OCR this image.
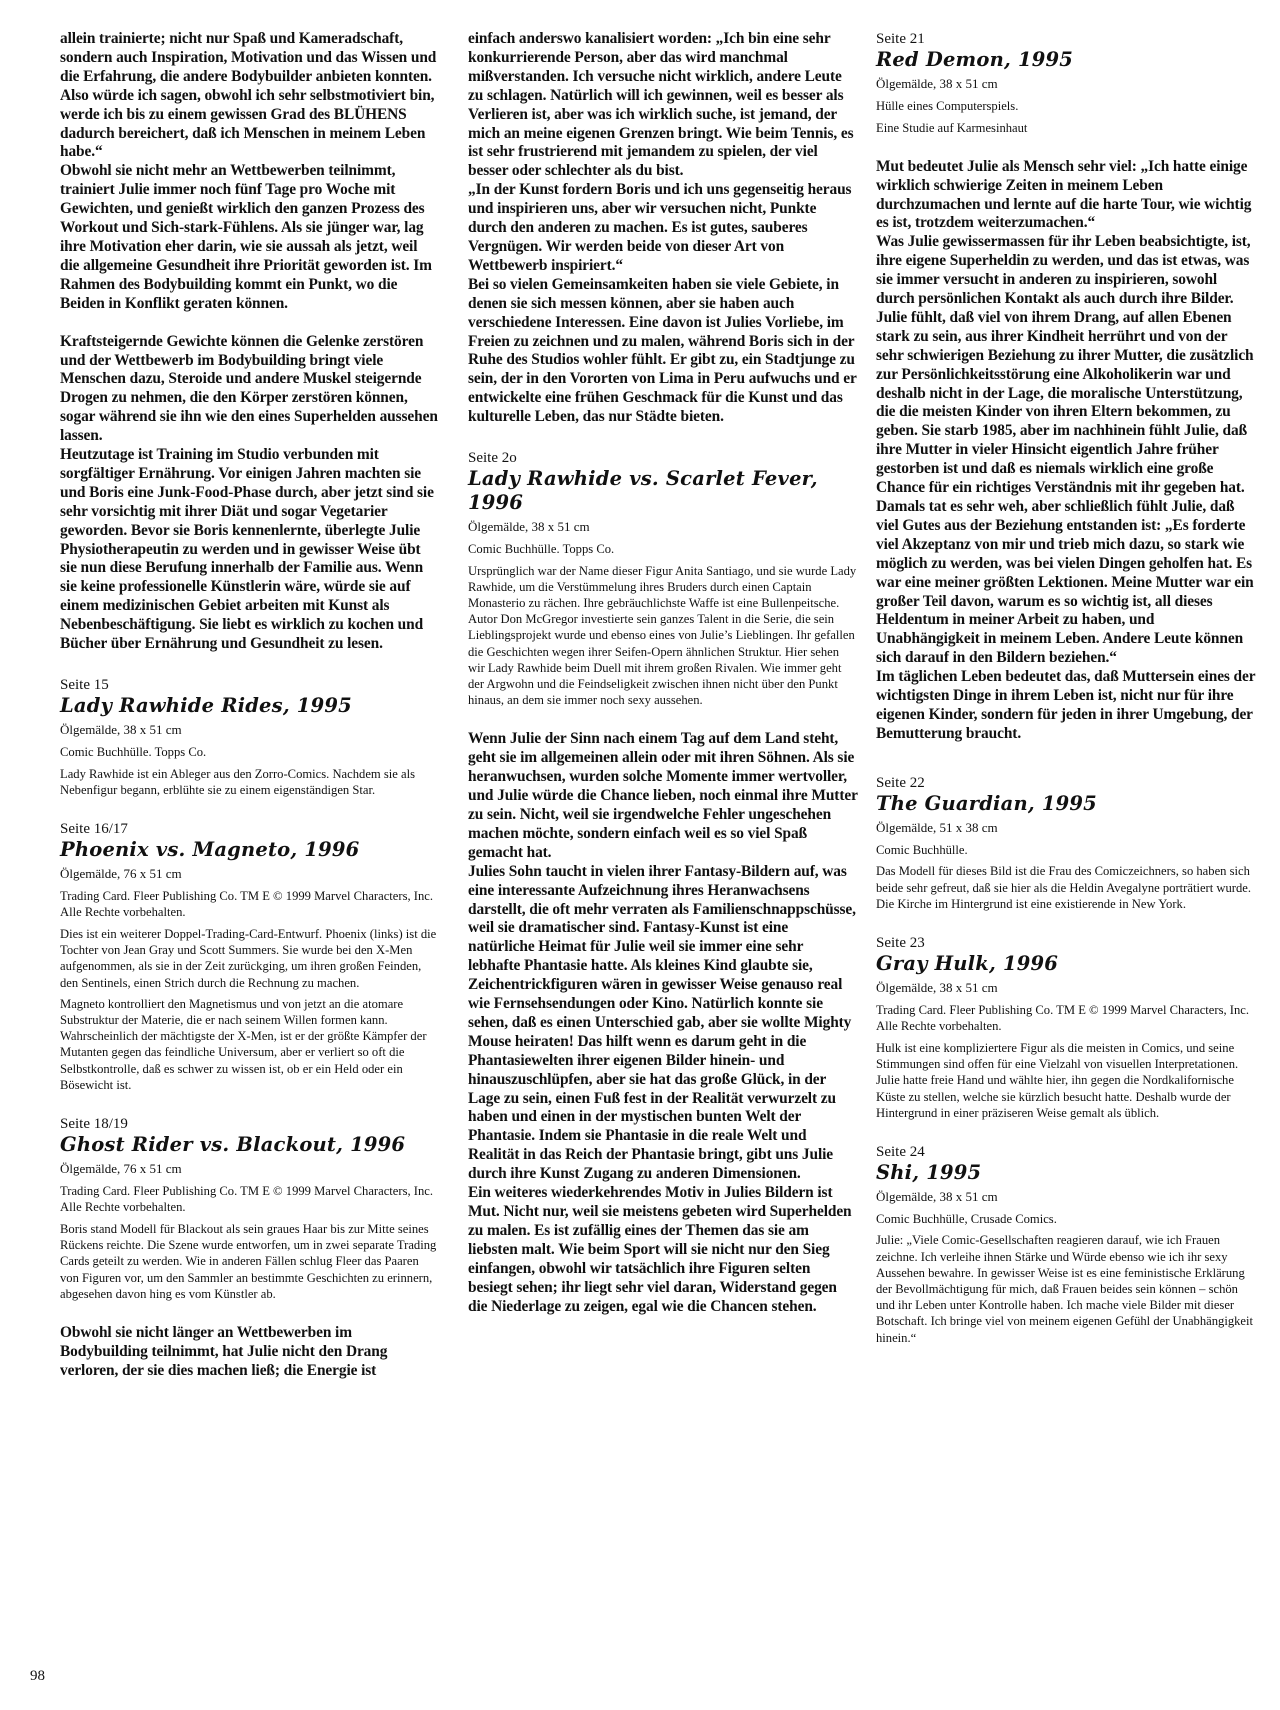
allein trainierte; nicht nur Spaß und Kameradschaft, sondern auch Inspiration, Motivation und das Wissen und die Erfahrung, die andere Bodybuilder anbieten konnten. Also würde ich sagen, obwohl ich sehr selbstmotiviert bin, werde ich bis zu einem gewissen Grad des BLÜHENS dadurch bereichert, daß ich Menschen in meinem Leben habe.“

Obwohl sie nicht mehr an Wettbewerben teilnimmt, trainiert Julie immer noch fünf Tage pro Woche mit Gewichten, und genießt wirklich den ganzen Prozess des Workout und Sich-stark-Fühlens. Als sie jünger war, lag ihre Motivation eher darin, wie sie aussah als jetzt, weil die allgemeine Gesundheit ihre Priorität geworden ist. Im Rahmen des Bodybuilding kommt ein Punkt, wo die Beiden in Konflikt geraten können.

Kraftsteigernde Gewichte können die Gelenke zerstören und der Wettbewerb im Bodybuilding bringt viele Menschen dazu, Steroide und andere Muskel steigernde Drogen zu nehmen, die den Körper zerstören können, sogar während sie ihn wie den eines Superhelden aussehen lassen.

Heutzutage ist Training im Studio verbunden mit sorgfältiger Ernährung. Vor einigen Jahren machten sie und Boris eine Junk-Food-Phase durch, aber jetzt sind sie sehr vorsichtig mit ihrer Diät und sogar Vegetarier geworden. Bevor sie Boris kennenlernte, überlegte Julie Physiotherapeutin zu werden und in gewisser Weise übt sie nun diese Berufung innerhalb der Familie aus. Wenn sie keine professionelle Künstlerin wäre, würde sie auf einem medizinischen Gebiet arbeiten mit Kunst als Nebenbeschäftigung. Sie liebt es wirklich zu kochen und Bücher über Ernährung und Gesundheit zu lesen.

Seite 15
Lady Rawhide Rides, 1995
Ölgemälde, 38 x 51 cm
Comic Buchhülle. Topps Co.
Lady Rawhide ist ein Ableger aus den Zorro-Comics. Nachdem sie als Nebenfigur begann, erblühte sie zu einem eigenständigen Star.
Seite 16/17
Phoenix vs. Magneto, 1996
Ölgemälde, 76 x 51 cm
Trading Card. Fleer Publishing Co. TM E © 1999 Marvel Characters, Inc. Alle Rechte vorbehalten.
Dies ist ein weiterer Doppel-Trading-Card-Entwurf. Phoenix (links) ist die Tochter von Jean Gray und Scott Summers. Sie wurde bei den X-Men aufgenommen, als sie in der Zeit zurückging, um ihren großen Feinden, den Sentinels, einen Strich durch die Rechnung zu machen.
Magneto kontrolliert den Magnetismus und von jetzt an die atomare Substruktur der Materie, die er nach seinem Willen formen kann. Wahrscheinlich der mächtigste der X-Men, ist er der größte Kämpfer der Mutanten gegen das feindliche Universum, aber er verliert so oft die Selbstkontrolle, daß es schwer zu wissen ist, ob er ein Held oder ein Bösewicht ist.
Seite 18/19
Ghost Rider vs. Blackout, 1996
Ölgemälde, 76 x 51 cm
Trading Card. Fleer Publishing Co. TM E © 1999 Marvel Characters, Inc. Alle Rechte vorbehalten.
Boris stand Modell für Blackout als sein graues Haar bis zur Mitte seines Rückens reichte. Die Szene wurde entworfen, um in zwei separate Trading Cards geteilt zu werden. Wie in anderen Fällen schlug Fleer das Paaren von Figuren vor, um den Sammler an bestimmte Geschichten zu erinnern, abgesehen davon hing es vom Künstler ab.

Obwohl sie nicht länger an Wettbewerben im Bodybuilding teilnimmt, hat Julie nicht den Drang verloren, der sie dies machen ließ; die Energie ist

einfach anderswo kanalisiert worden: „Ich bin eine sehr konkurrierende Person, aber das wird manchmal mißverstanden. Ich versuche nicht wirklich, andere Leute zu schlagen. Natürlich will ich gewinnen, weil es besser als Verlieren ist, aber was ich wirklich suche, ist jemand, der mich an meine eigenen Grenzen bringt. Wie beim Tennis, es ist sehr frustrierend mit jemandem zu spielen, der viel besser oder schlechter als du bist.

„In der Kunst fordern Boris und ich uns gegenseitig heraus und inspirieren uns, aber wir versuchen nicht, Punkte durch den anderen zu machen. Es ist gutes, sauberes Vergnügen. Wir werden beide von dieser Art von Wettbewerb inspiriert.“

Bei so vielen Gemeinsamkeiten haben sie viele Gebiete, in denen sie sich messen können, aber sie haben auch verschiedene Interessen. Eine davon ist Julies Vorliebe, im Freien zu zeichnen und zu malen, während Boris sich in der Ruhe des Studios wohler fühlt. Er gibt zu, ein Stadtjunge zu sein, der in den Vororten von Lima in Peru aufwuchs und er entwickelte eine frühen Geschmack für die Kunst und das kulturelle Leben, das nur Städte bieten.

Seite 2o
Lady Rawhide vs. Scarlet Fever, 1996
Ölgemälde, 38 x 51 cm
Comic Buchhülle. Topps Co.
Ursprünglich war der Name dieser Figur Anita Santiago, und sie wurde Lady Rawhide, um die Verstümmelung ihres Bruders durch einen Captain Monasterio zu rächen. Ihre gebräuchlichste Waffe ist eine Bullenpeitsche. Autor Don McGregor investierte sein ganzes Talent in die Serie, die sein Lieblingsprojekt wurde und ebenso eines von Julie’s Lieblingen. Ihr gefallen die Geschichten wegen ihrer Seifen-Opern ähnlichen Struktur. Hier sehen wir Lady Rawhide beim Duell mit ihrem großen Rivalen. Wie immer geht der Argwohn und die Feindseligkeit zwischen ihnen nicht über den Punkt hinaus, an dem sie immer noch sexy aussehen.

Wenn Julie der Sinn nach einem Tag auf dem Land steht, geht sie im allgemeinen allein oder mit ihren Söhnen. Als sie heranwuchsen, wurden solche Momente immer wertvoller, und Julie würde die Chance lieben, noch einmal ihre Mutter zu sein. Nicht, weil sie irgendwelche Fehler ungeschehen machen möchte, sondern einfach weil es so viel Spaß gemacht hat.

Julies Sohn taucht in vielen ihrer Fantasy-Bildern auf, was eine interessante Aufzeichnung ihres Heranwachsens darstellt, die oft mehr verraten als Familienschnappschüsse, weil sie dramatischer sind. Fantasy-Kunst ist eine natürliche Heimat für Julie weil sie immer eine sehr lebhafte Phantasie hatte. Als kleines Kind glaubte sie, Zeichentrickfiguren wären in gewisser Weise genauso real wie Fernsehsendungen oder Kino. Natürlich konnte sie sehen, daß es einen Unterschied gab, aber sie wollte Mighty Mouse heiraten! Das hilft wenn es darum geht in die Phantasiewelten ihrer eigenen Bilder hinein- und hinauszuschlüpfen, aber sie hat das große Glück, in der Lage zu sein, einen Fuß fest in der Realität verwurzelt zu haben und einen in der mystischen bunten Welt der Phantasie. Indem sie Phantasie in die reale Welt und Realität in das Reich der Phantasie bringt, gibt uns Julie durch ihre Kunst Zugang zu anderen Dimensionen.

Ein weiteres wiederkehrendes Motiv in Julies Bildern ist Mut. Nicht nur, weil sie meistens gebeten wird Superhelden zu malen. Es ist zufällig eines der Themen das sie am liebsten malt. Wie beim Sport will sie nicht nur den Sieg einfangen, obwohl wir tatsächlich ihre Figuren selten besiegt sehen; ihr liegt sehr viel daran, Widerstand gegen die Niederlage zu zeigen, egal wie die Chancen stehen.

Seite 21
Red Demon, 1995
Ölgemälde, 38 x 51 cm
Hülle eines Computerspiels.
Eine Studie auf Karmesinhaut

Mut bedeutet Julie als Mensch sehr viel: „Ich hatte einige wirklich schwierige Zeiten in meinem Leben durchzumachen und lernte auf die harte Tour, wie wichtig es ist, trotzdem weiterzumachen.“

Was Julie gewissermassen für ihr Leben beabsichtigte, ist, ihre eigene Superheldin zu werden, und das ist etwas, was sie immer versucht in anderen zu inspirieren, sowohl durch persönlichen Kontakt als auch durch ihre Bilder.

Julie fühlt, daß viel von ihrem Drang, auf allen Ebenen stark zu sein, aus ihrer Kindheit herrührt und von der sehr schwierigen Beziehung zu ihrer Mutter, die zusätzlich zur Persönlichkeitsstörung eine Alkoholikerin war und deshalb nicht in der Lage, die moralische Unterstützung, die die meisten Kinder von ihren Eltern bekommen, zu geben. Sie starb 1985, aber im nachhinein fühlt Julie, daß ihre Mutter in vieler Hinsicht eigentlich Jahre früher gestorben ist und daß es niemals wirklich eine große Chance für ein richtiges Verständnis mit ihr gegeben hat.

Damals tat es sehr weh, aber schließlich fühlt Julie, daß viel Gutes aus der Beziehung entstanden ist: „Es forderte viel Akzeptanz von mir und trieb mich dazu, so stark wie möglich zu werden, was bei vielen Dingen geholfen hat. Es war eine meiner größten Lektionen. Meine Mutter war ein großer Teil davon, warum es so wichtig ist, all dieses Heldentum in meiner Arbeit zu haben, und Unabhängigkeit in meinem Leben. Andere Leute können sich darauf in den Bildern beziehen.“

Im täglichen Leben bedeutet das, daß Muttersein eines der wichtigsten Dinge in ihrem Leben ist, nicht nur für ihre eigenen Kinder, sondern für jeden in ihrer Umgebung, der Bemutterung braucht.

Seite 22
The Guardian, 1995
Ölgemälde, 51 x 38 cm
Comic Buchhülle.
Das Modell für dieses Bild ist die Frau des Comiczeichners, so haben sich beide sehr gefreut, daß sie hier als die Heldin Avegalyne porträtiert wurde. Die Kirche im Hintergrund ist eine existierende in New York.
Seite 23
Gray Hulk, 1996
Ölgemälde, 38 x 51 cm
Trading Card. Fleer Publishing Co. TM E © 1999 Marvel Characters, Inc. Alle Rechte vorbehalten.
Hulk ist eine kompliziertere Figur als die meisten in Comics, und seine Stimmungen sind offen für eine Vielzahl von visuellen Interpretationen. Julie hatte freie Hand und wählte hier, ihn gegen die Nordkalifornische Küste zu stellen, welche sie kürzlich besucht hatte. Deshalb wurde der Hintergrund in einer präziseren Weise gemalt als üblich.
Seite 24
Shi, 1995
Ölgemälde, 38 x 51 cm
Comic Buchhülle, Crusade Comics.
Julie: „Viele Comic-Gesellschaften reagieren darauf, wie ich Frauen zeichne. Ich verleihe ihnen Stärke und Würde ebenso wie ich ihr sexy Aussehen bewahre. In gewisser Weise ist es eine feministische Erklärung der Bevollmächtigung für mich, daß Frauen beides sein können – schön und ihr Leben unter Kontrolle haben. Ich mache viele Bilder mit dieser Botschaft. Ich bringe viel von meinem eigenen Gefühl der Unabhängigkeit hinein.“
98
